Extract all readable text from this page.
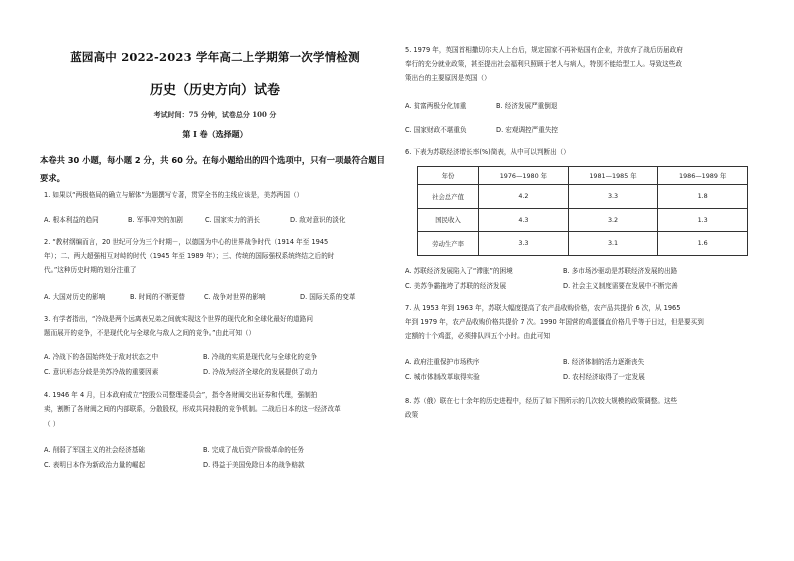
蓝园高中 2022-2023 学年高二上学期第一次学情检测
历史（历史方向）试卷
考试时间：75 分钟，试卷总分 100 分
第 I 卷（选择题）
本卷共 30 小题，每小题 2 分，共 60 分。在每小题给出的四个选项中，只有一项最符合题目要求。
1. 如果以“两极格局的确立与解体”为题撰写专著，贯穿全书的主线应该是，美苏两国（）
A. 根本利益的趋同	B. 军事冲突的加剧	C. 国家实力的消长	D. 敌对意识的淡化
2. “教材纲编而言，20 世纪可分为三个时期－，以德国为中心的世界战争时代（1914 年至 1945
年）；二、两大超强相互对峙的时代（1945 年至 1989 年）；三、传统的国际强权系统终结之后的时
代。”这种历史时期的划分注重了
A. 大国对历史的影响	B. 时间的不断更替	C. 战争对世界的影响	D. 国际关系的变革
3. 有学者指出，“冷战是两个远离表兄弟之间就实现这个世界的现代化和全球化最好的道路问
题而展开的竞争，不是现代化与全球化与敌人之间的竞争。”由此可知（）
A. 冷战下的各国始终处于敌对状态之中	B. 冷战的实质是现代化与全球化的竞争
C. 意识形态分歧是美苏冷战的重要因素	D. 冷战为经济全球化的发展提供了动力
4. 1946 年 4 月，日本政府成立“控股公司整理委员会”，指令各财阀交出证券和代理，强制拍
卖，割断了各财阀之间的内部联系，分散股权，形成共同持股的竞争机制。二战后日本的这一经济改革
（ ）
A. 削弱了军国主义的社会经济基础	B. 完成了战后资产阶级革命的任务
C. 表明日本作为新政治力量的崛起	D. 得益于美国免除日本的战争赔款
5. 1979 年，英国首相撒切尔夫人上台后，规定国家不再补贴国有企业，并放弃了战后历届政府
奉行的充分就业政策，甚至提出社会福利只照顾于老人与病人，特别不能给型工人。导致这些政
策出台的主要原因是英国（）
A. 贫富两极分化加重	B. 经济发展严重倒退
C. 国家财政不堪重负	D. 宏观调控严重失控
6. 下表为苏联经济增长率(%)简表，从中可以判断出（）
年份	1976—1980 年	1981—1985 年	1986—1989 年
社会总产值	4.2	3.3	1.8
国民收入	4.3	3.2	1.3
劳动生产率	3.3	3.1	1.6
A. 苏联经济发展陷入了“滞胀”的困境	B. 多市场沙驱动是苏联经济发展的出路
C. 美苏争霸拖垮了苏联的经济发展	D. 社会主义制度需要在发展中不断完善
7. 从 1953 年到 1963 年，苏联大幅度提高了农产品收购价格，农产品共提价 6 次，从 1965
年到 1979 年，农产品收购价格共提价 7 次。1990 年国营的鸡蛋僵直价格几乎等于日过，但是要买到
定额的十个鸡蛋，必须排队四五个小时。由此可知
A. 政府注重保护市场秩序	B. 经济体制的活力逐渐丧失
C. 城市体制改革取得实验	D. 农村经济取得了一定发展
8. 苏（俄）联在七十余年的历史进程中，经历了如下图所示的几次较大规模的政策调整。这些
政策
